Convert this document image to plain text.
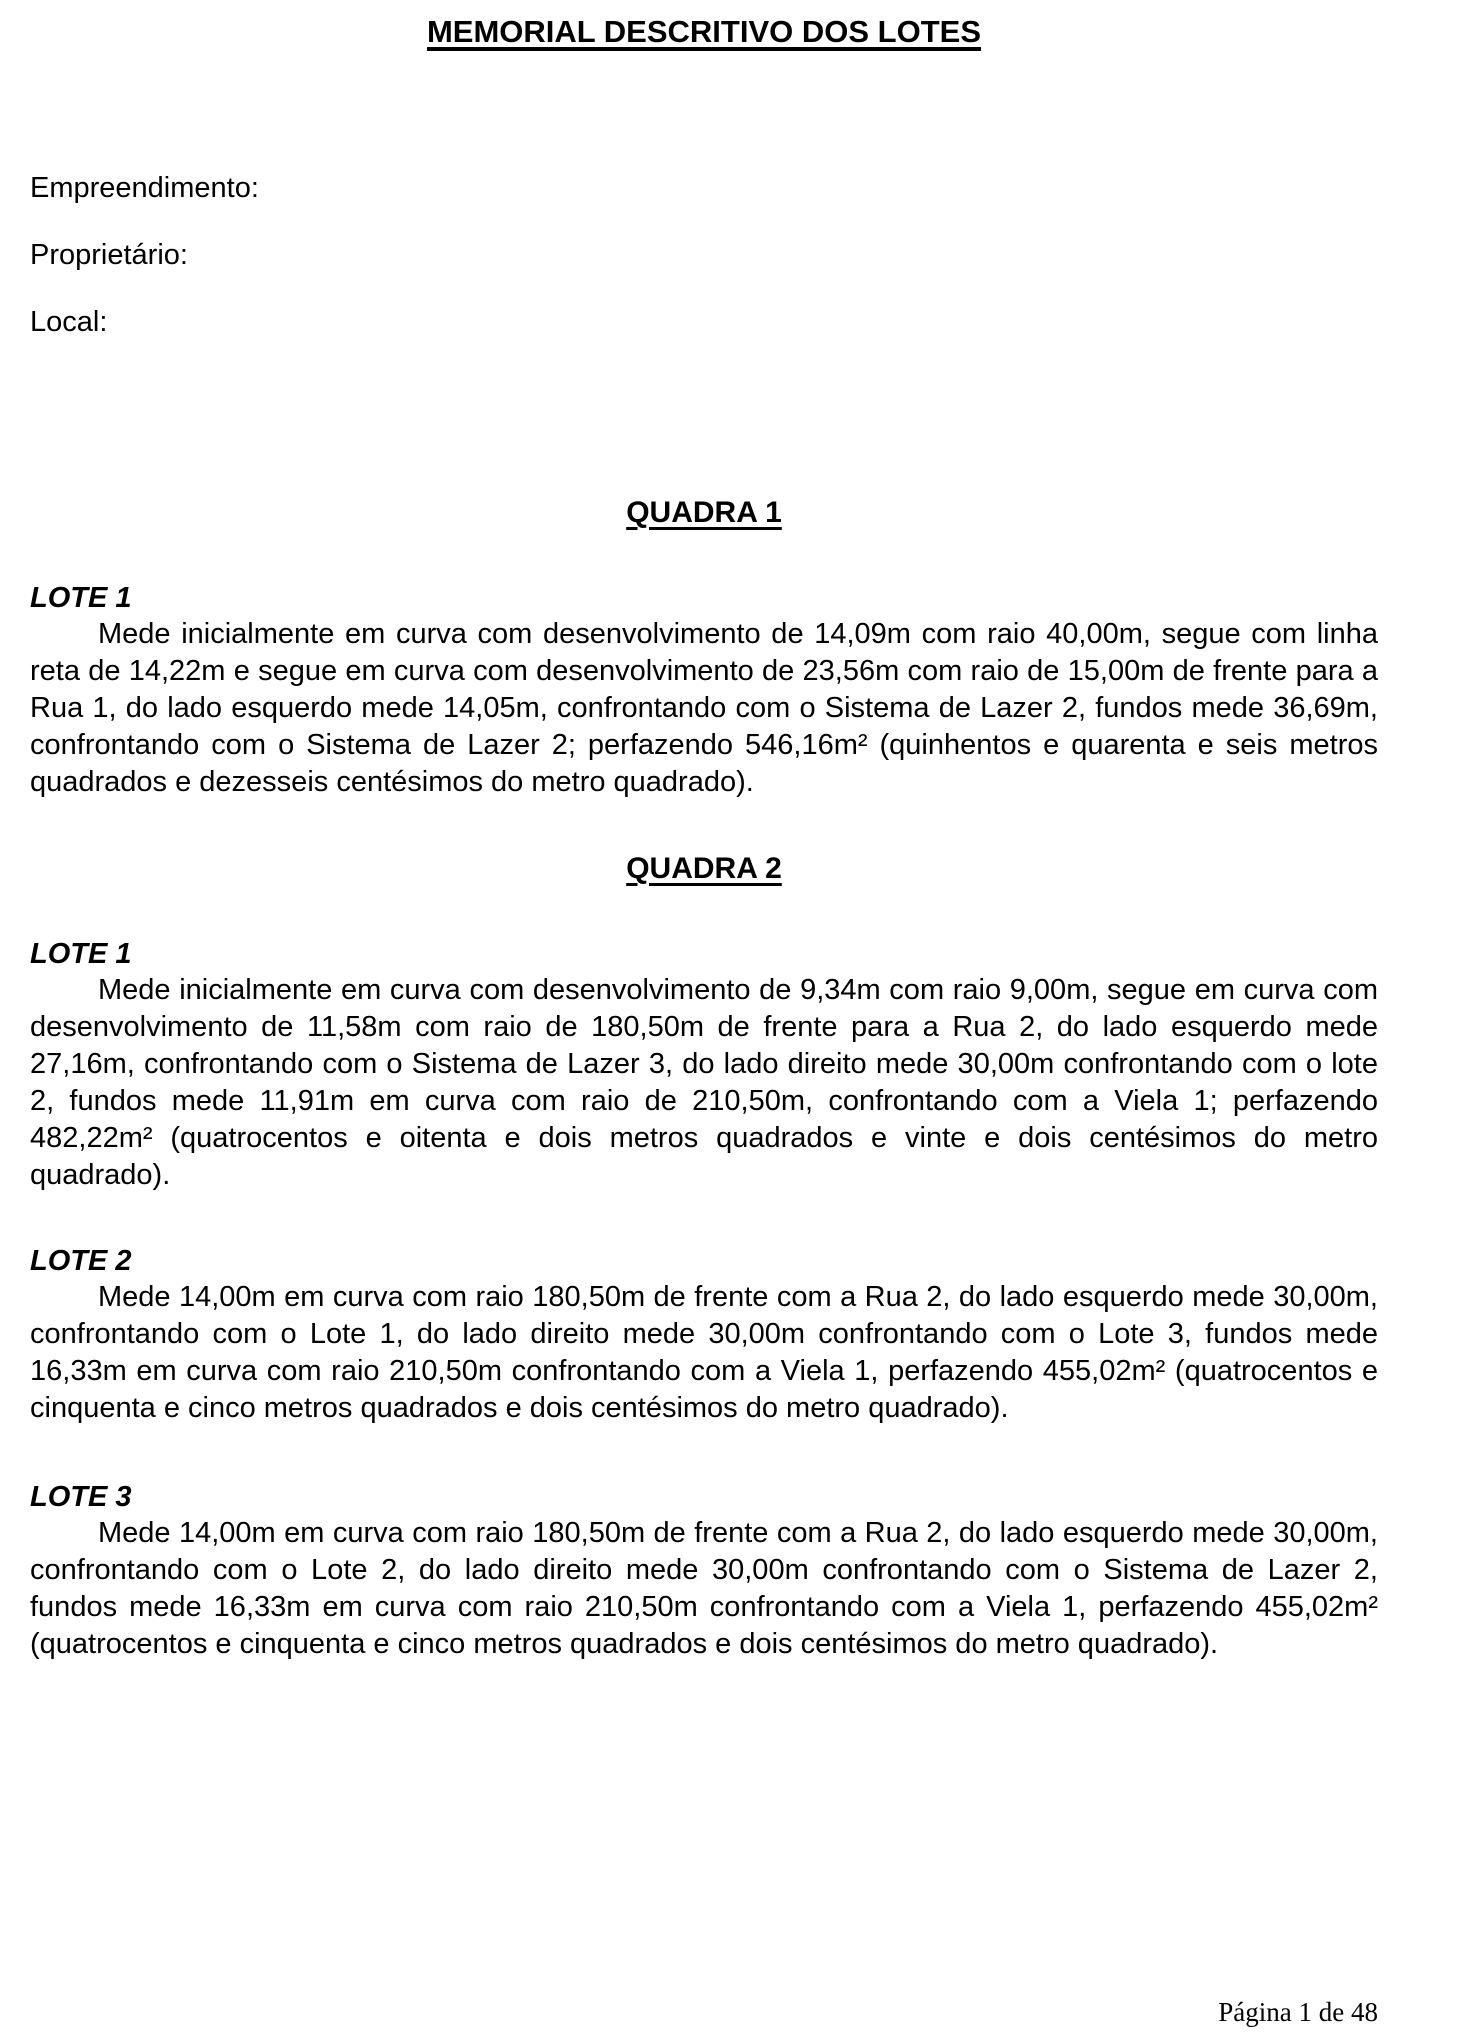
MEMORIAL DESCRITIVO DOS LOTES

Empreendimento:

Proprietário:

Local:

QUADRA 1
LOTE 1

Mede inicialmente em curva com desenvolvimento de 14,09m com raio 40,00m, segue com linha reta de 14,22m e segue em curva com desenvolvimento de 23,56m com raio de 15,00m de frente para a Rua 1, do lado esquerdo mede 14,05m, confrontando com o Sistema de Lazer 2, fundos mede 36,69m, confrontando com o Sistema de Lazer 2; perfazendo 546,16m² (quinhentos e quarenta e seis metros quadrados e dezesseis centésimos do metro quadrado).

QUADRA 2
LOTE 1

Mede inicialmente em curva com desenvolvimento de 9,34m com raio 9,00m, segue em curva com desenvolvimento de 11,58m com raio de 180,50m de frente para a Rua 2, do lado esquerdo mede 27,16m, confrontando com o Sistema de Lazer 3, do lado direito mede 30,00m confrontando com o lote 2, fundos mede 11,91m em curva com raio de 210,50m, confrontando com a Viela 1; perfazendo 482,22m² (quatrocentos e oitenta e dois metros quadrados e vinte e dois centésimos do metro quadrado).

LOTE 2

Mede 14,00m em curva com raio 180,50m de frente com a Rua 2, do lado esquerdo mede 30,00m, confrontando com o Lote 1, do lado direito mede 30,00m confrontando com o Lote 3, fundos mede 16,33m em curva com raio 210,50m confrontando com a Viela 1, perfazendo 455,02m² (quatrocentos e cinquenta e cinco metros quadrados e dois centésimos do metro quadrado).

LOTE 3

Mede 14,00m em curva com raio 180,50m de frente com a Rua 2, do lado esquerdo mede 30,00m, confrontando com o Lote 2, do lado direito mede 30,00m confrontando com o Sistema de Lazer 2, fundos mede 16,33m em curva com raio 210,50m confrontando com a Viela 1, perfazendo 455,02m² (quatrocentos e cinquenta e cinco metros quadrados e dois centésimos do metro quadrado).

Página 1 de 48
